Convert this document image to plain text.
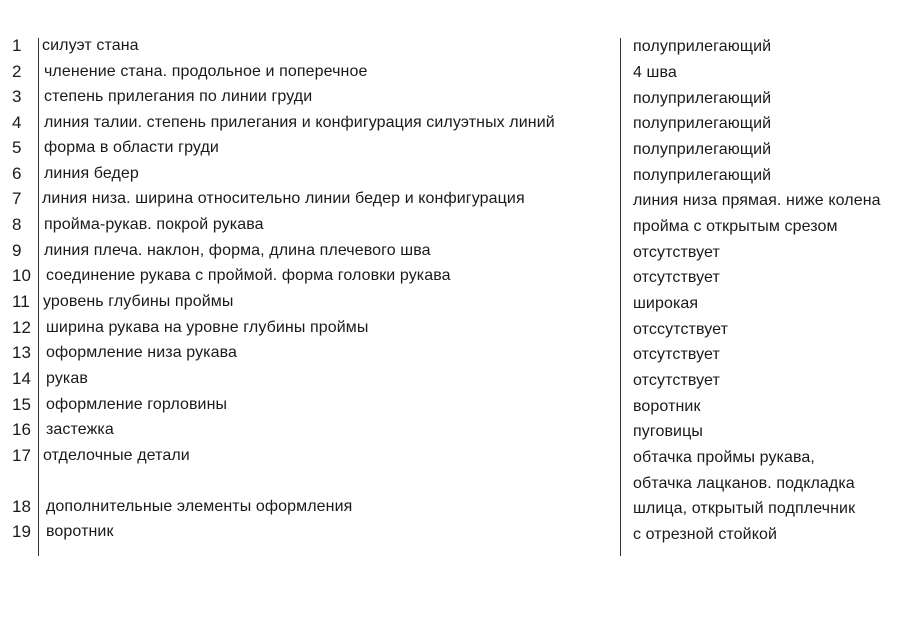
1
2
3
4
5
6
7
8
9
10
11
12
13
14
15
16
17
18
19
силуэт стана
членение стана. продольное и поперечное
степень прилегания по линии груди
линия талии. степень прилегания и конфигурация силуэтных линий
форма в области груди
линия бедер
линия низа. ширина относительно линии бедер и конфигурация
пройма-рукав. покрой рукава
линия плеча. наклон, форма, длина плечевого шва
соединение рукава с проймой. форма головки рукава
уровень глубины проймы
ширина рукава на уровне глубины проймы
оформление низа рукава
рукав
оформление горловины
застежка
отделочные детали
дополнительные элементы оформления
воротник
полуприлегающий
4 шва
полуприлегающий
полуприлегающий
полуприлегающий
полуприлегающий
линия низа прямая. ниже колена
пройма с открытым срезом
отсутствует
отсутствует
широкая
отссутствует
отсутствует
отсутствует
воротник
пуговицы
обтачка проймы рукава,
обтачка лацканов. подкладка
шлица, открытый подплечник
с отрезной стойкой
